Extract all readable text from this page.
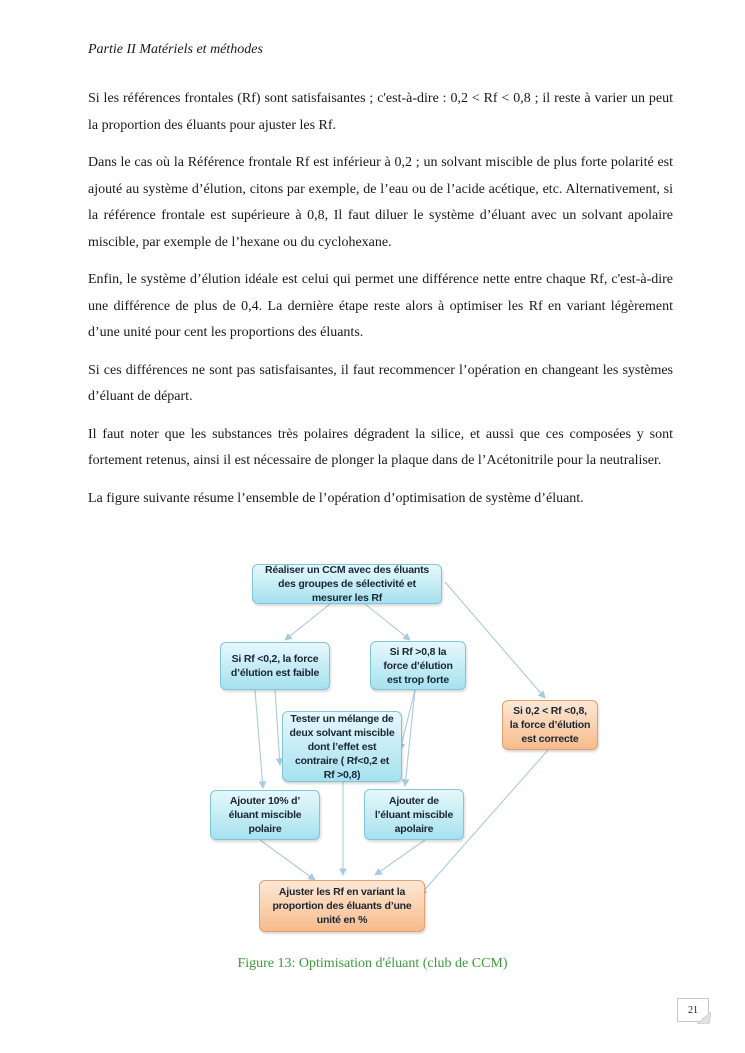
Partie II Matériels et méthodes

Si les références frontales (Rf) sont satisfaisantes ; c'est-à-dire : 0,2 < Rf < 0,8 ; il reste à varier un peut la proportion des éluants pour ajuster les Rf.

Dans le cas où la Référence frontale Rf est inférieur à 0,2 ; un solvant miscible de plus forte polarité est ajouté au système d’élution, citons par exemple, de l’eau ou de l’acide acétique, etc. Alternativement, si la référence frontale est supérieure à 0,8, Il faut diluer le système d’éluant avec un solvant apolaire miscible, par exemple de l’hexane ou du cyclohexane.

Enfin, le système d’élution idéale est celui qui permet une différence nette entre chaque Rf, c'est-à-dire une différence de plus de 0,4. La dernière étape reste alors à optimiser les Rf en variant légèrement d’une unité pour cent les proportions des éluants.

Si ces différences ne sont pas satisfaisantes, il faut recommencer l’opération en changeant les systèmes d’éluant de départ.

Il faut noter que les substances très polaires dégradent la silice, et aussi que ces composées y sont fortement retenus, ainsi il est nécessaire de plonger la plaque dans de l’Acétonitrile pour la neutraliser.

La figure suivante résume l’ensemble de l’opération d’optimisation de système d’éluant.

Réaliser un CCM avec des éluants des groupes de sélectivité et mesurer les Rf
Si Rf <0,2, la force d’élution est faible
Si Rf >0,8 la force d’élution est trop forte
Si 0,2 < Rf <0,8, la force d’élution est correcte
Tester un mélange de deux solvant miscible dont l’effet est contraire ( Rf<0,2 et Rf >0,8)
Ajouter 10% d’ éluant miscible polaire
Ajouter de l’éluant miscible apolaire
Ajuster les Rf en variant la proportion des éluants d’une unité en %
Figure 13: Optimisation d'éluant (club de CCM)
21
